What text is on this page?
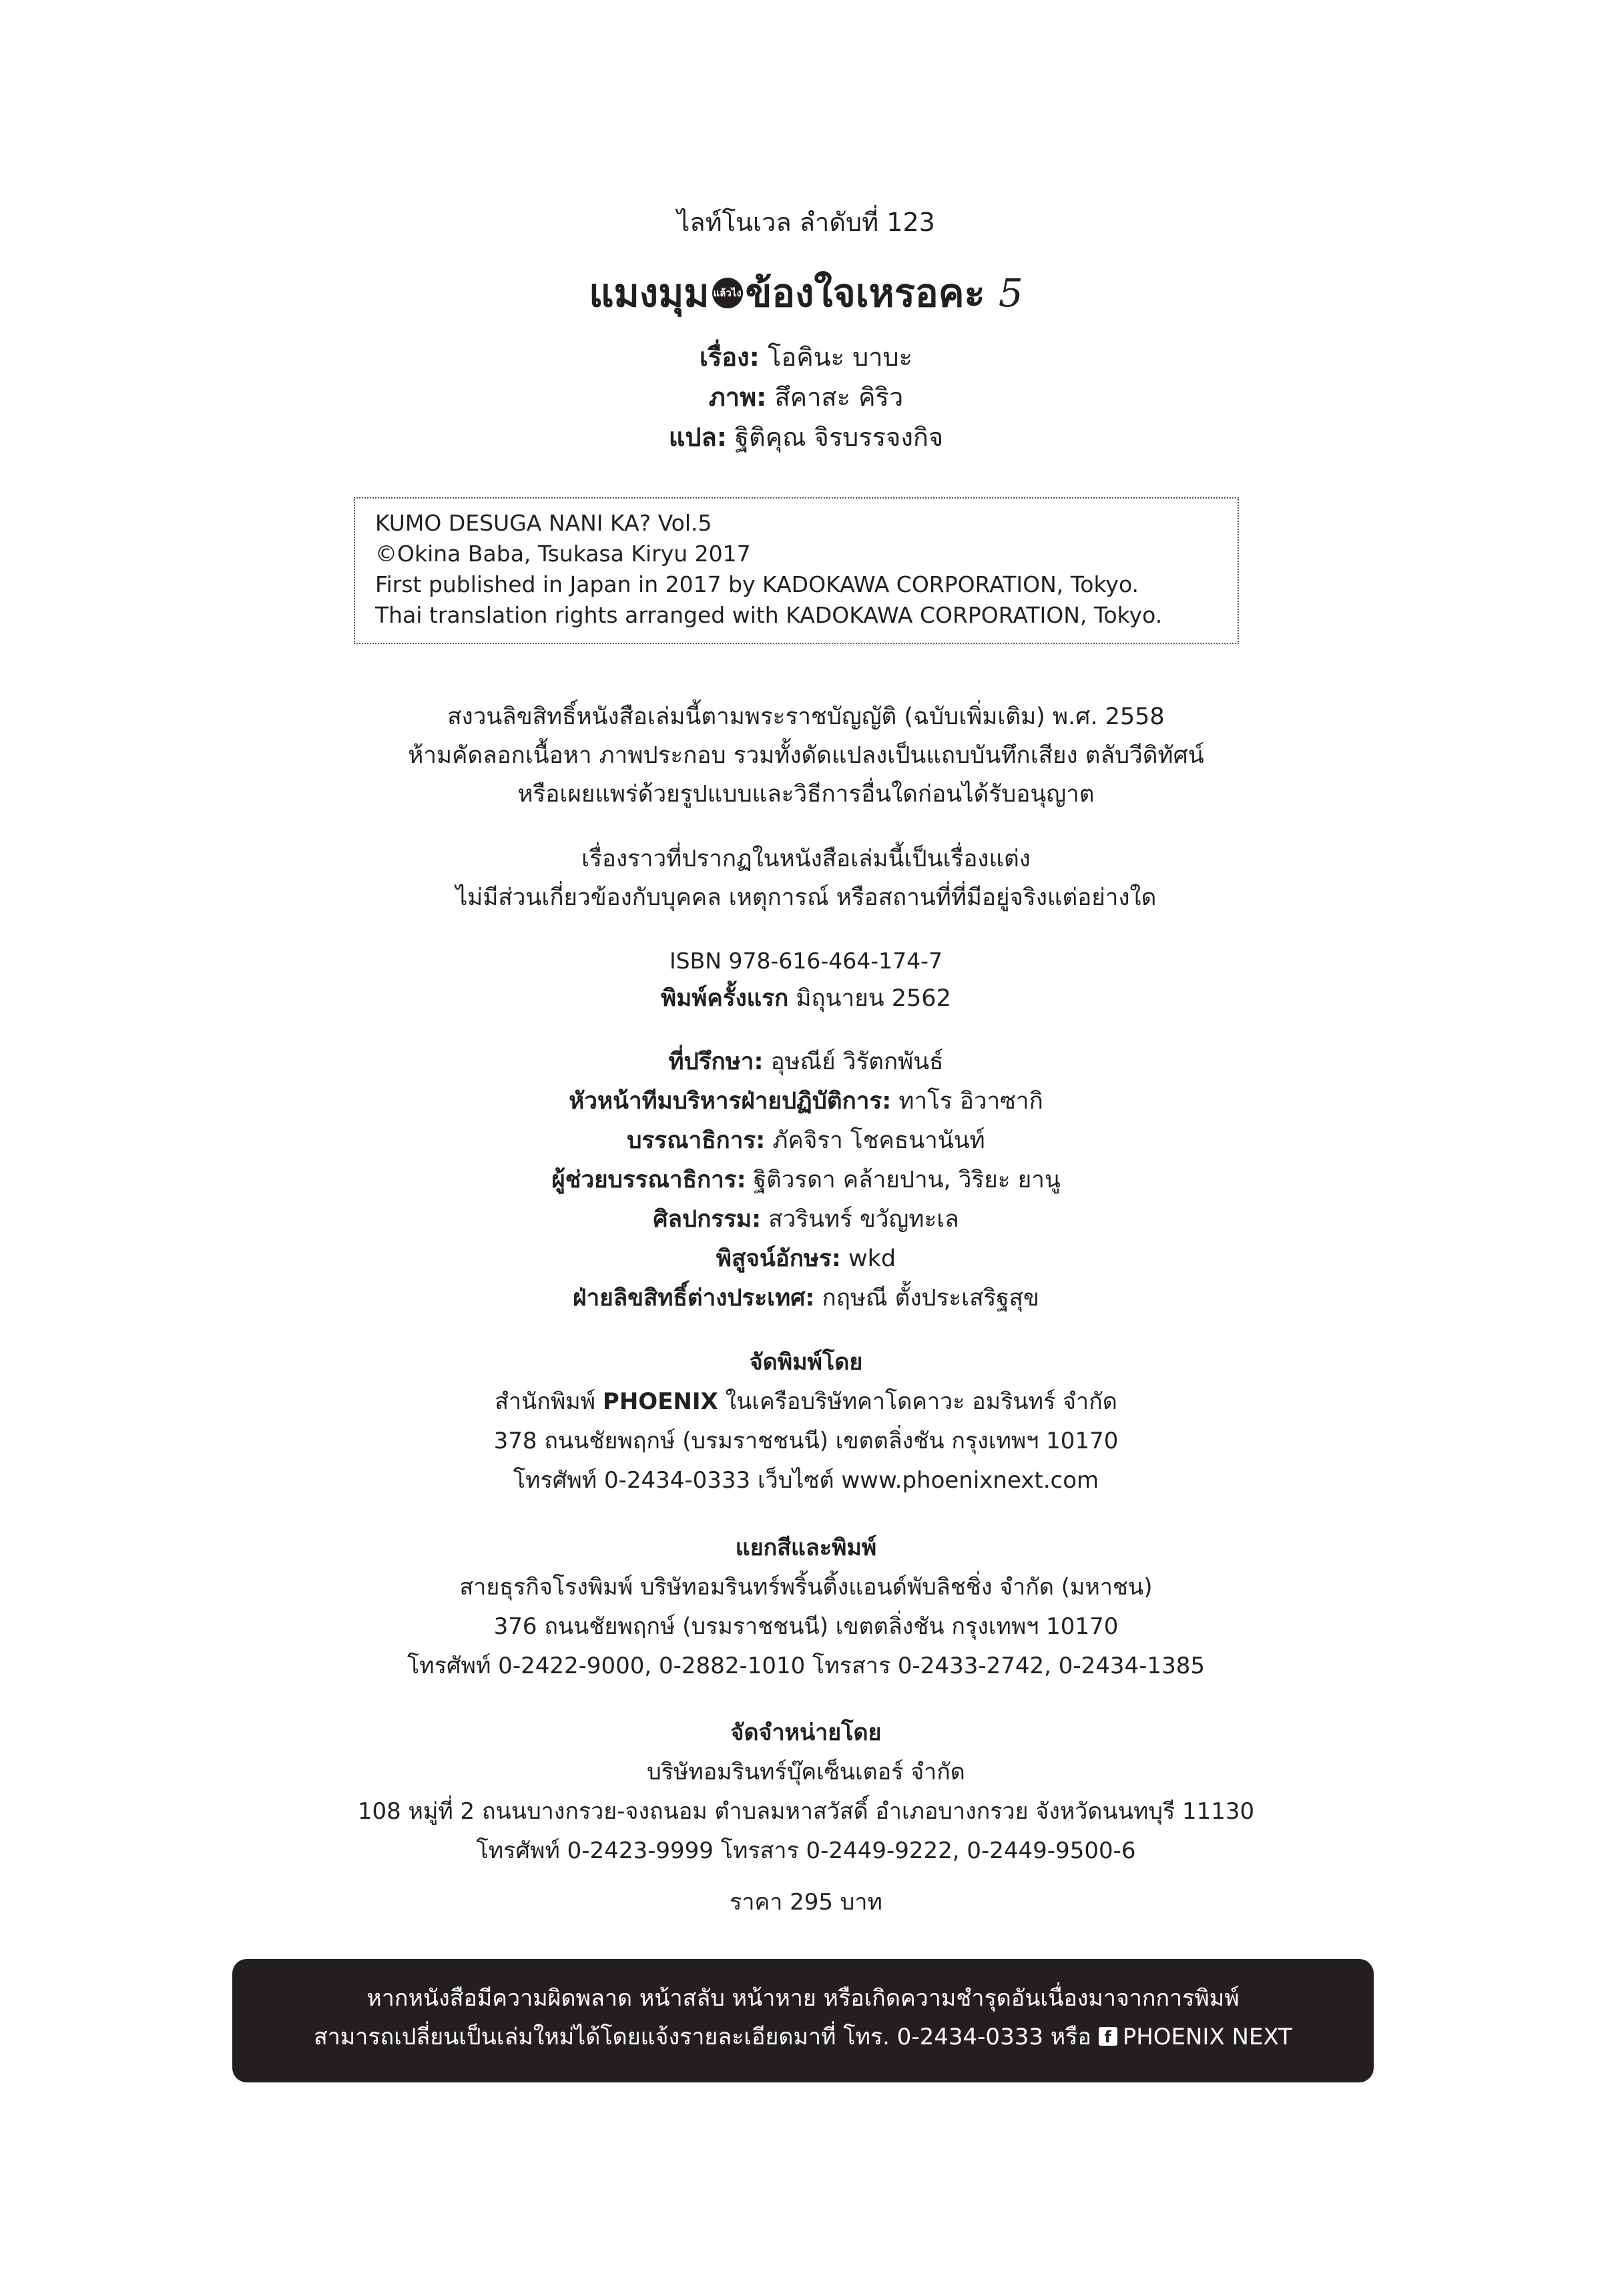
ไลท์โนเวล ลำดับที่ 123
แมงมุม แล้วไง ข้องใจเหรอคะ 5
เรื่อง: โอคินะ บาบะ
ภาพ: สึคาสะ คิริว
แปล: ฐิติคุณ จิรบรรจงกิจ
KUMO DESUGA NANI KA? Vol.5
©Okina Baba, Tsukasa Kiryu 2017
First published in Japan in 2017 by KADOKAWA CORPORATION, Tokyo.
Thai translation rights arranged with KADOKAWA CORPORATION, Tokyo.
สงวนลิขสิทธิ์หนังสือเล่มนี้ตามพระราชบัญญัติ (ฉบับเพิ่มเติม) พ.ศ. 2558
ห้ามคัดลอกเนื้อหา ภาพประกอบ รวมทั้งดัดแปลงเป็นแถบบันทึกเสียง ตลับวีดิทัศน์
หรือเผยแพร่ด้วยรูปแบบและวิธีการอื่นใดก่อนได้รับอนุญาต
เรื่องราวที่ปรากฏในหนังสือเล่มนี้เป็นเรื่องแต่ง
ไม่มีส่วนเกี่ยวข้องกับบุคคล เหตุการณ์ หรือสถานที่ที่มีอยู่จริงแต่อย่างใด
ISBN 978-616-464-174-7
พิมพ์ครั้งแรก มิถุนายน 2562
ที่ปรึกษา: อุษณีย์ วิรัตกพันธ์
หัวหน้าทีมบริหารฝ่ายปฏิบัติการ: ทาโร อิวาซากิ
บรรณาธิการ: ภัคจิรา โชคธนานันท์
ผู้ช่วยบรรณาธิการ: ฐิติวรดา คล้ายปาน, วิริยะ ยานู
ศิลปกรรม: สวรินทร์ ขวัญทะเล
พิสูจน์อักษร: wkd
ฝ่ายลิขสิทธิ์ต่างประเทศ: กฤษณี ตั้งประเสริฐสุข
จัดพิมพ์โดย
สำนักพิมพ์ PHOENIX ในเครือบริษัทคาโดคาวะ อมรินทร์ จำกัด
378 ถนนชัยพฤกษ์ (บรมราชชนนี) เขตตลิ่งชัน กรุงเทพฯ 10170
โทรศัพท์ 0-2434-0333 เว็บไซต์ www.phoenixnext.com
แยกสีและพิมพ์
สายธุรกิจโรงพิมพ์ บริษัทอมรินทร์พริ้นติ้งแอนด์พับลิชชิ่ง จำกัด (มหาชน)
376 ถนนชัยพฤกษ์ (บรมราชชนนี) เขตตลิ่งชัน กรุงเทพฯ 10170
โทรศัพท์ 0-2422-9000, 0-2882-1010 โทรสาร 0-2433-2742, 0-2434-1385
จัดจำหน่ายโดย
บริษัทอมรินทร์บุ๊คเซ็นเตอร์ จำกัด
108 หมู่ที่ 2 ถนนบางกรวย-จงถนอม ตำบลมหาสวัสดิ์ อำเภอบางกรวย จังหวัดนนทบุรี 11130
โทรศัพท์ 0-2423-9999 โทรสาร 0-2449-9222, 0-2449-9500-6
ราคา 295 บาท
หากหนังสือมีความผิดพลาด หน้าสลับ หน้าหาย หรือเกิดความชำรุดอันเนื่องมาจากการพิมพ์
สามารถเปลี่ยนเป็นเล่มใหม่ได้โดยแจ้งรายละเอียดมาที่ โทร. 0-2434-0333 หรือ f PHOENIX NEXT
